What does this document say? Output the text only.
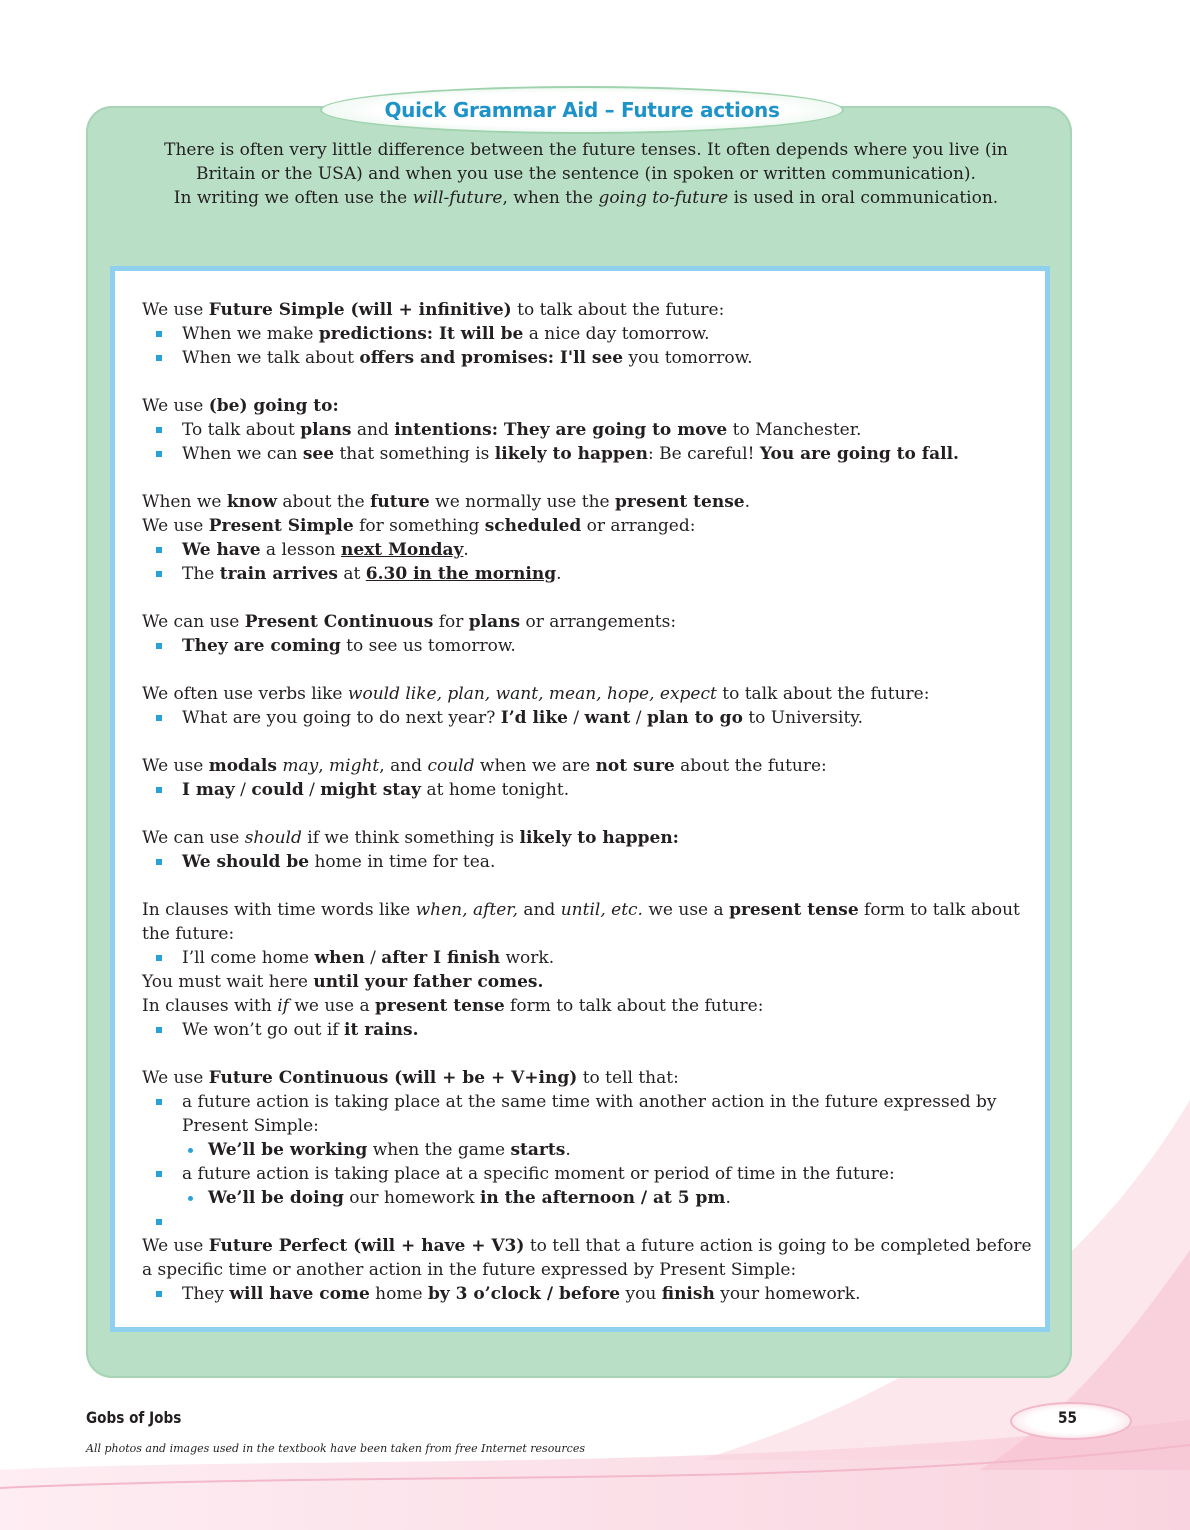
Quick Grammar Aid – Future actions

There is often very little difference between the future tenses. It often depends where you live (in Britain or the USA) and when you use the sentence (in spoken or written communication).

In writing we often use the will-future, when the going to-future is used in oral communication.

We use Future Simple (will + infinitive) to talk about the future:
When we make predictions: It will be a nice day tomorrow.
When we talk about offers and promises: I'll see you tomorrow.
We use (be) going to:
To talk about plans and intentions: They are going to move to Manchester.
When we can see that something is likely to happen: Be careful! You are going to fall.
When we know about the future we normally use the present tense.
We use Present Simple for something scheduled or arranged:
We have a lesson next Monday.
The train arrives at 6.30 in the morning.
We can use Present Continuous for plans or arrangements:
They are coming to see us tomorrow.
We often use verbs like would like, plan, want, mean, hope, expect to talk about the future:
What are you going to do next year? I’d like / want / plan to go to University.
We use modals may, might, and could when we are not sure about the future:
I may / could / might stay at home tonight.
We can use should if we think something is likely to happen:
We should be home in time for tea.
In clauses with time words like when, after, and until, etc. we use a present tense form to talk about the future:
I’ll come home when / after I finish work.
You must wait here until your father comes.
In clauses with if we use a present tense form to talk about the future:
We won’t go out if it rains.
We use Future Continuous (will + be + V+ing) to tell that:
a future action is taking place at the same time with another action in the future expressed by Present Simple:
We’ll be working when the game starts.
a future action is taking place at a specific moment or period of time in the future:
We’ll be doing our homework in the afternoon / at 5 pm.

We use Future Perfect (will + have + V3) to tell that a future action is going to be completed before a specific time or another action in the future expressed by Present Simple:
They will have come home by 3 o’clock / before you finish your homework.
Gobs of Jobs
All photos and images used in the textbook have been taken from free Internet resources
55
